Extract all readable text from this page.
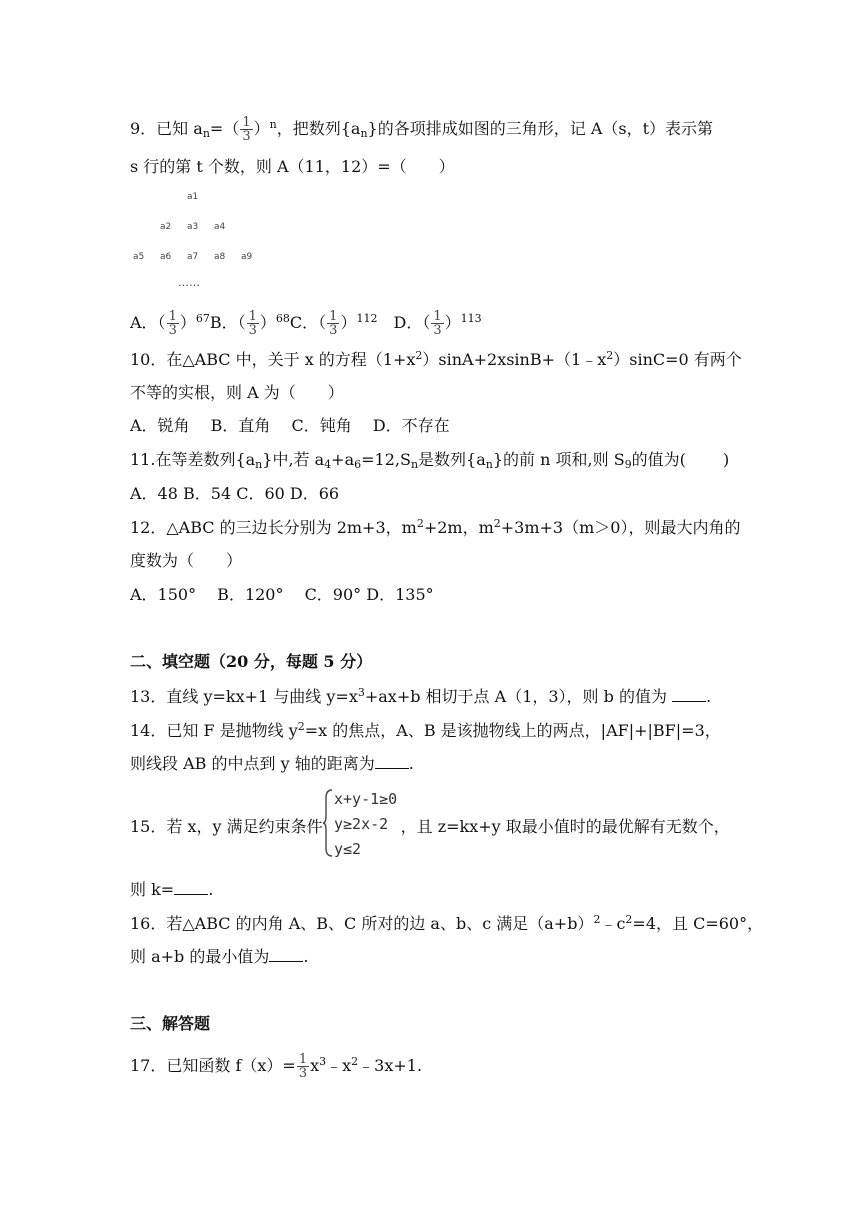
9．已知 $a_n=( \frac{1}{3} )^n$，把数列$\{a_n\}$的各项排成如图的三角形，记 A（s，t）表示第
s 行的第 t 个数，则 A（11，12）=（　　）
a1
a2 a3 a4
a5 a6 a7 a8 a9
……
A．（ $\frac{1}{3} )^{67}B$．（ $\frac{1}{3} )^{68}C$．（ $\frac{1}{3} )^{112}$　 D．（ $\frac{1}{3} )^{113}$
10．在△ABC 中，关于 x 的方程$(1+x^2)\sin A+2xsinB+(1﹣x^2)\sin C=0$ 有两个
不等的实根，则 A 为（　　）
A．锐角　 B．直角　 C．钝角　 D．不存在
11.在等差数列$\{a_n\}$中,若 $a_4+a_6=12,S_n$是数列$\{a_n\}$的前 n 项和,则 $S_9$的值为(　　 )
A．48 B．54 C．60 D．66
12．△ABC 的三边长分别为 2m+3，$m^2+2m$，$m^2+3m+3(m>0)$，则最大内角的
度数为（　　）
A．150°　 B．120°　 C．90° D．135°
二、填空题（20 分，每题 5 分）
13．直线 y=kx+1 与曲线 $y=x^3+ax+b$ 相切于点 A（1，3），则 b 的值为 .
14．已知 F 是抛物线 $y^2=x$ 的焦点，A、B 是该抛物线上的两点，|AF|+|BF|=3，
则线段 AB 的中点到 y 轴的距离为 .
15．若 x，y 满足约束条件	，且 z=kx+y 取最小值时的最优解有无数个，
x+y-1≥0
y≥2x-2
y≤2
则 k= .
16．若△ABC 的内角 A、B、C 所对的边 a、b、c 满足$(a+b)^2﹣c^2=4$，且 C=60°，
则 a+b 的最小值为 .
三、解答题
17．已知函数 $f(x)= \frac{1}{3}$ $x^3﹣x^2﹣3x+1$.
